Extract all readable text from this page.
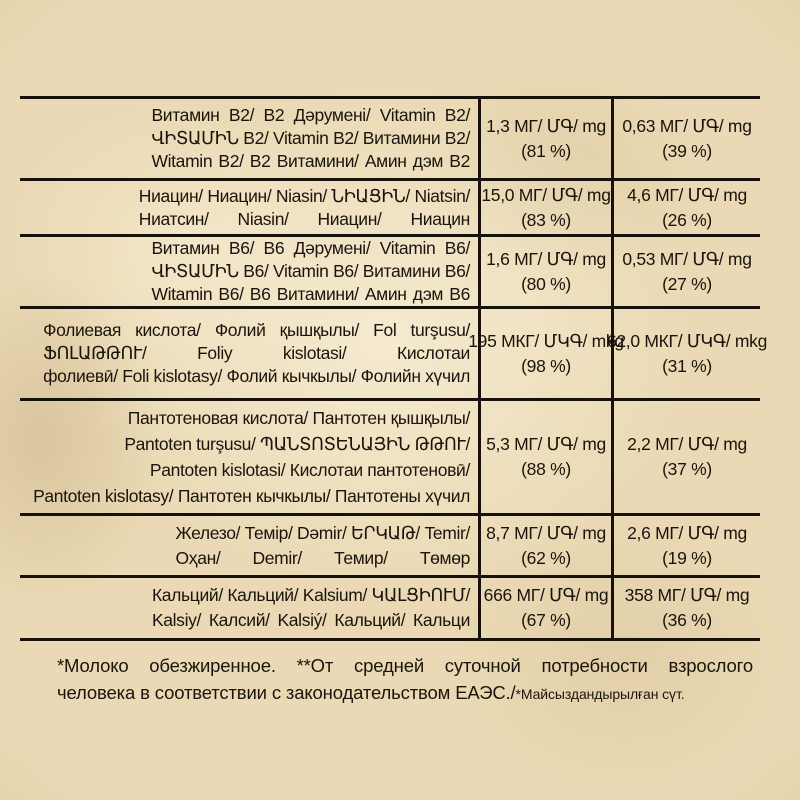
Витамин В2/ В2 Дәрумені/ Vitamin B2/
ՎԻՏԱՄԻՆ B2/ Vitamin B2/ Витамини В2/
Witamin B2/ B2 Витамини/ Амин дэм В2
1,3 МГ/ ՄԳ/ mg
(81 %)
0,63 МГ/ ՄԳ/ mg
(39 %)
Ниацин/ Ниацин/ Niasin/ ՆԻԱՑԻՆ/ Niatsin/
Ниатсин/ Niasin/ Ниацин/ Ниацин
15,0 МГ/ ՄԳ/ mg
(83 %)
4,6 МГ/ ՄԳ/ mg
(26 %)
Витамин В6/ В6 Дәрумені/ Vitamin B6/
ՎԻՏԱՄԻՆ B6/ Vitamin B6/ Витамини В6/
Witamin B6/ B6 Витамини/ Амин дэм В6
1,6 МГ/ ՄԳ/ mg
(80 %)
0,53 МГ/ ՄԳ/ mg
(27 %)
Фолиевая кислота/ Фолий қышқылы/ Fol turşusu/
ՖՈԼԱԹԹՈՒ/ Foliy kislotasi/ Кислотаи
фолиевӣ/ Foli kislotasy/ Фолий кычкылы/ Фолийн хүчил
195 МКГ/ ՄԿԳ/ mkg
(98 %)
62,0 МКГ/ ՄԿԳ/ mkg
(31 %)
Пантотеновая кислота/ Пантотен қышқылы/
Pantoten turşusu/ ՊԱՆՏՈՏԵՆԱՅԻՆ ԹԹՈՒ/
Pantoten kislotasi/ Кислотаи пантотеновӣ/
Pantoten kislotasy/ Пантотен кычкылы/ Пантотены хүчил
5,3 МГ/ ՄԳ/ mg
(88 %)
2,2 МГ/ ՄԳ/ mg
(37 %)
Железо/ Темір/ Dəmir/ ԵՐԿԱԹ/ Temir/
Оҳан/ Demir/ Темир/ Төмөр
8,7 МГ/ ՄԳ/ mg
(62 %)
2,6 МГ/ ՄԳ/ mg
(19 %)
Кальций/ Кальций/ Kalsium/ ԿԱԼՑԻՈՒՄ/
Kalsiy/ Калсий/ Kalsiý/ Кальций/ Кальци
666 МГ/ ՄԳ/ mg
(67 %)
358 МГ/ ՄԳ/ mg
(36 %)
*Молоко обезжиренное. **От средней суточной потребности взрослого
человека в соответствии с законодательством ЕАЭС./*Майсыздандырылған сүт.
